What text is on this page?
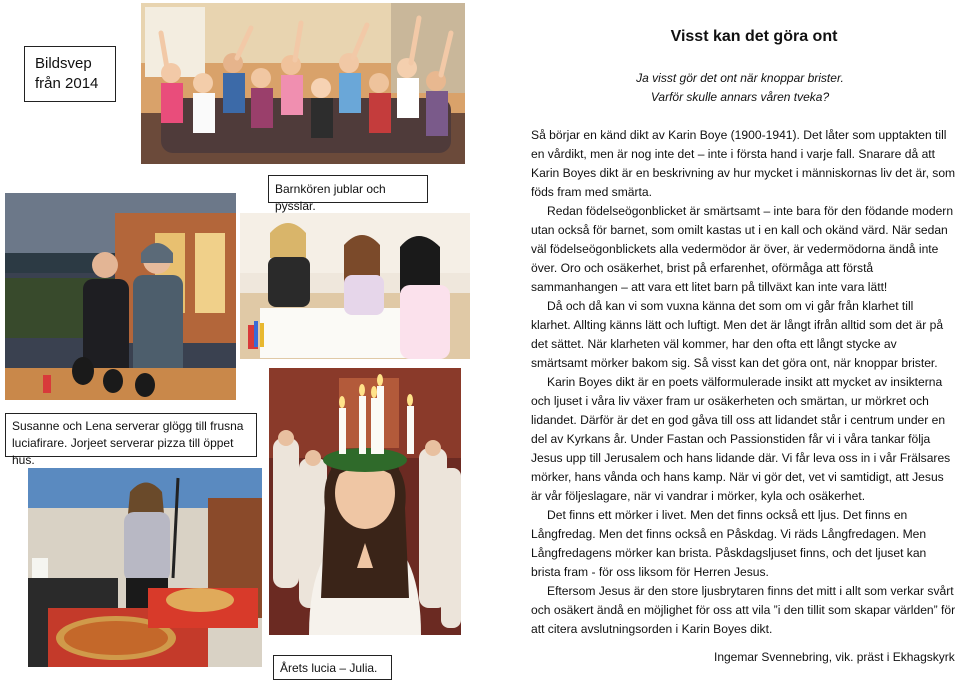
Bildsvep
från 2014
Barnkören jublar och pysslar.
Susanne och Lena serverar glögg till frusna luciafirare. Jorjeet serverar pizza till öppet hus.
Årets lucia – Julia.
Visst kan det göra ont
Ja visst gör det ont när knoppar brister.
Varför skulle annars våren tveka?

Så börjar en känd dikt av Karin Boye (1900-1941). Det låter som upptakten till en vårdikt, men är nog inte det – inte i första hand i varje fall. Snarare då att Karin Boyes dikt är en beskrivning av hur mycket i människornas liv det är, som föds fram med smärta.

Redan födelseögonblicket är smärtsamt – inte bara för den födande modern utan också för barnet, som omilt kastas ut i en kall och okänd värd. När sedan väl födelseögonblickets alla vedermödor är över, är vedermödorna ändå inte över. Oro och osäkerhet, brist på erfarenhet, oförmåga att förstå sammanhangen – att vara ett litet barn på tillväxt kan inte vara lätt!

Då och då kan vi som vuxna känna det som om vi går från klarhet till klarhet. Allting känns lätt och luftigt. Men det är långt ifrån alltid som det är på det sättet. När klarheten väl kommer, har den ofta ett långt stycke av smärtsamt mörker bakom sig. Så visst kan det göra ont, när knoppar brister.

Karin Boyes dikt är en poets välformulerade insikt att mycket av insikterna och ljuset i våra liv växer fram ur osäkerheten och smärtan, ur mörkret och lidandet. Därför är det en god gåva till oss att lidandet står i centrum under en del av Kyrkans år. Under Fastan och Passionstiden får vi i våra tankar följa Jesus upp till Jerusalem och hans lidande där. Vi får leva oss in i vår Frälsares mörker, hans vånda och hans kamp. När vi gör det, vet vi samtidigt, att Jesus är vår följeslagare, när vi vandrar i mörker, kyla och osäkerhet.

Det finns ett mörker i livet. Men det finns också ett ljus. Det finns en Långfredag. Men det finns också en Påskdag. Vi räds Långfredagen. Men Långfredagens mörker kan brista. Påskdagsljuset finns, och det ljuset kan brista fram - för oss liksom för Herren Jesus.

Eftersom Jesus är den store ljusbrytaren finns det mitt i allt som verkar svårt och osäkert ändå en möjlighet för oss att vila ”i den tillit som skapar världen” för att citera avslutningsorden i Karin Boyes dikt.

Ingemar Svennebring, vik. präst i Ekhagskyrk
